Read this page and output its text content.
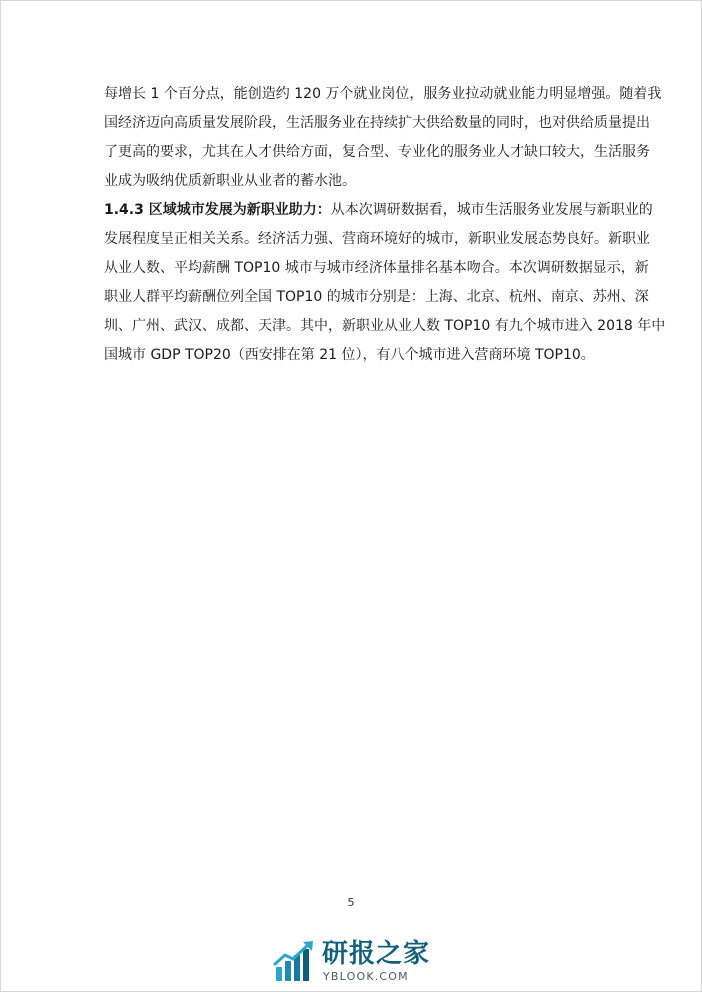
每增长 1 个百分点，能创造约 120 万个就业岗位，服务业拉动就业能力明显增强。随着我
国经济迈向高质量发展阶段，生活服务业在持续扩大供给数量的同时，也对供给质量提出
了更高的要求，尤其在人才供给方面，复合型、专业化的服务业人才缺口较大，生活服务
业成为吸纳优质新职业从业者的蓄水池。

1.4.3 区域城市发展为新职业助力：从本次调研数据看，城市生活服务业发展与新职业的
发展程度呈正相关关系。经济活力强、营商环境好的城市，新职业发展态势良好。新职业
从业人数、平均薪酬 TOP10 城市与城市经济体量排名基本吻合。本次调研数据显示，新
职业人群平均薪酬位列全国 TOP10 的城市分别是：上海、北京、杭州、南京、苏州、深
圳、广州、武汉、成都、天津。其中，新职业从业人数 TOP10 有九个城市进入 2018 年中
国城市 GDP TOP20（西安排在第 21 位），有八个城市进入营商环境 TOP10。

5
研报之家
YBLOOK.COM
